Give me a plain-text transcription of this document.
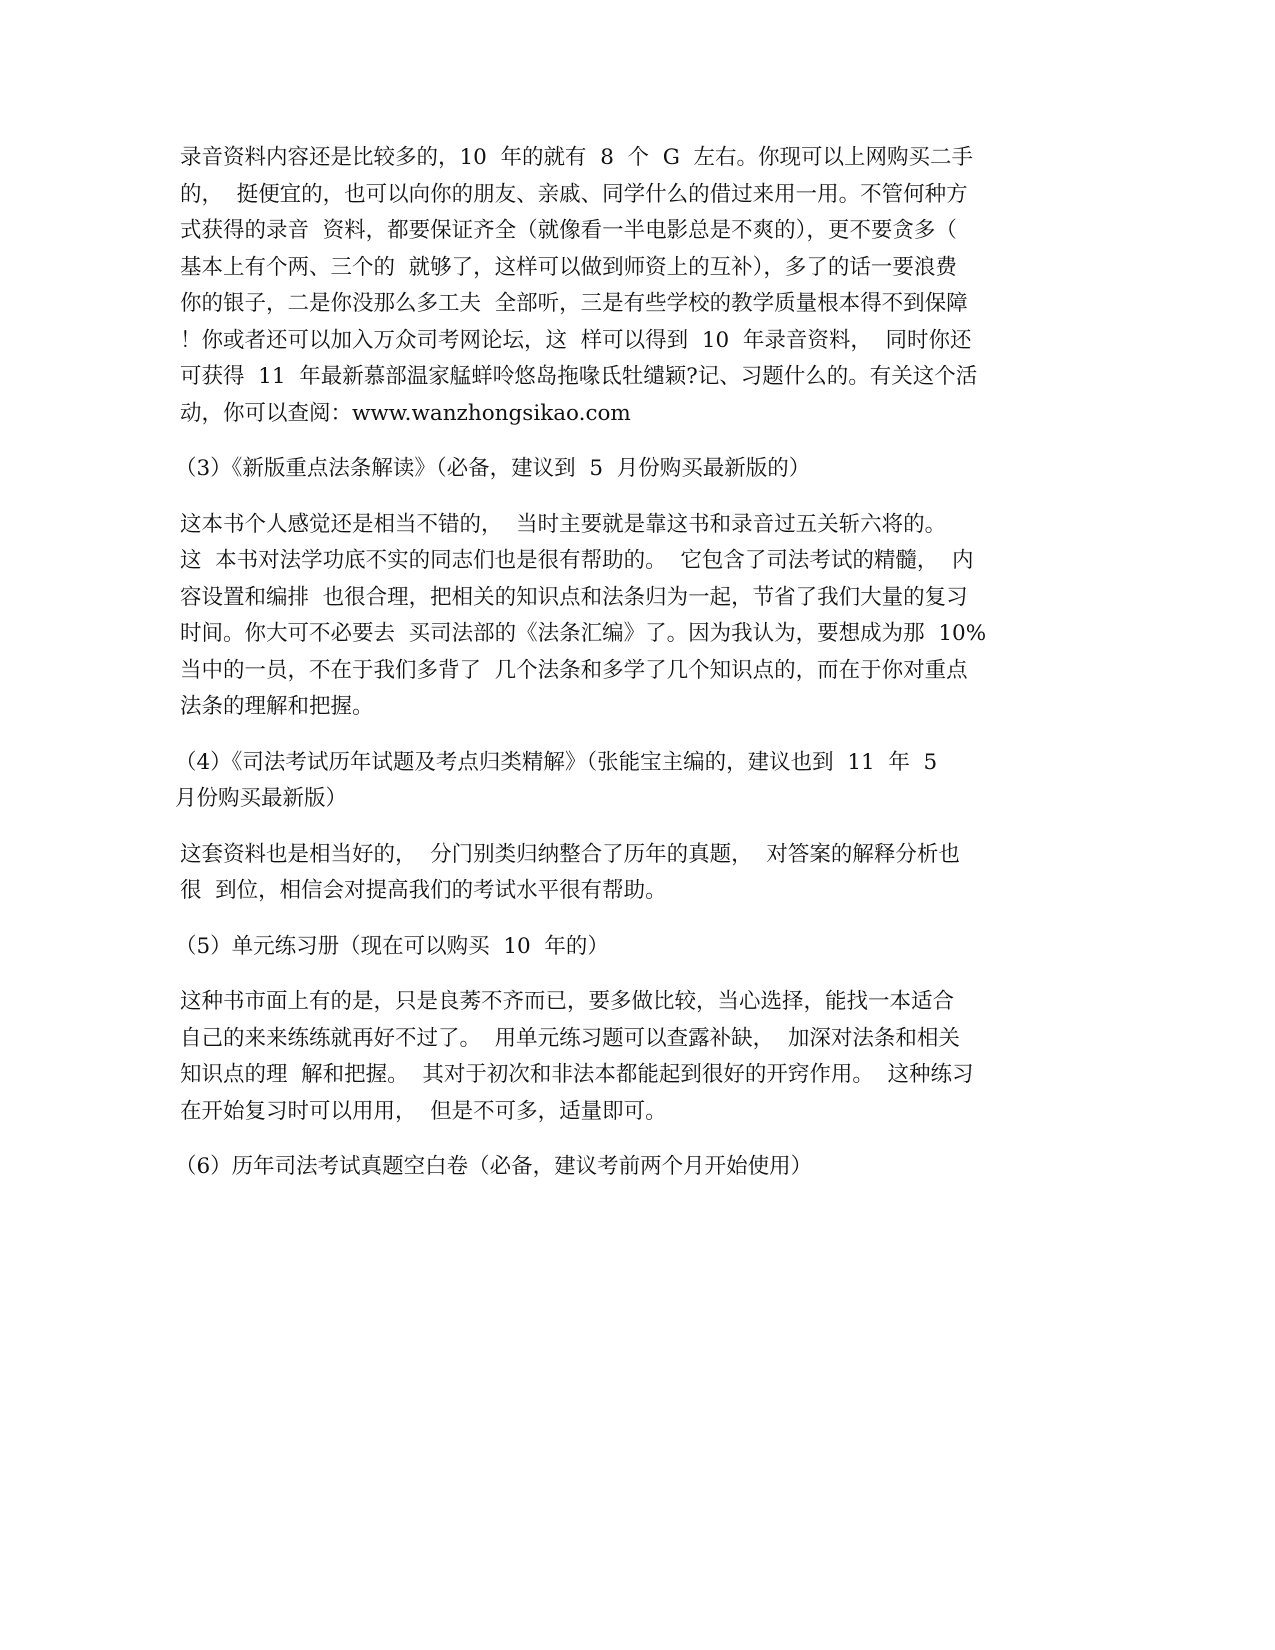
录音资料内容还是比较多的，10  年的就有  8  个  G  左右。你现可以上网购买二手
的，  挺便宜的，也可以向你的朋友、亲戚、同学什么的借过来用一用。不管何种方
式获得的录音  资料，都要保证齐全（就像看一半电影总是不爽的），更不要贪多（
基本上有个两、三个的  就够了，这样可以做到师资上的互补），多了的话一要浪费
你的银子，二是你没那么多工夫  全部听，三是有些学校的教学质量根本得不到保障
！你或者还可以加入万众司考网论坛，这  样可以得到  10  年录音资料，  同时你还
可获得  11  年最新慕部温家艋蛘呤悠岛拖喙氐牡缱颖?记、习题什么的。有关这个活
动，你可以查阅：www.wanzhongsikao.com
（3）《新版重点法条解读》（必备，建议到  5  月份购买最新版的）
这本书个人感觉还是相当不错的，  当时主要就是靠这书和录音过五关斩六将的。
这  本书对法学功底不实的同志们也是很有帮助的。  它包含了司法考试的精髓，  内
容设置和编排  也很合理，把相关的知识点和法条归为一起，节省了我们大量的复习
时间。你大可不必要去  买司法部的《法条汇编》了。因为我认为，要想成为那  10%
当中的一员，不在于我们多背了  几个法条和多学了几个知识点的，而在于你对重点
法条的理解和把握。
（4）《司法考试历年试题及考点归类精解》（张能宝主编的，建议也到  11  年  5
月份购买最新版）
这套资料也是相当好的，  分门别类归纳整合了历年的真题，  对答案的解释分析也
很  到位，相信会对提高我们的考试水平很有帮助。
（5）单元练习册（现在可以购买  10  年的）
这种书市面上有的是，只是良莠不齐而已，要多做比较，当心选择，能找一本适合
自己的来来练练就再好不过了。  用单元练习题可以查露补缺，  加深对法条和相关
知识点的理  解和把握。  其对于初次和非法本都能起到很好的开窍作用。  这种练习
在开始复习时可以用用，  但是不可多，适量即可。
（6）历年司法考试真题空白卷（必备，建议考前两个月开始使用）
